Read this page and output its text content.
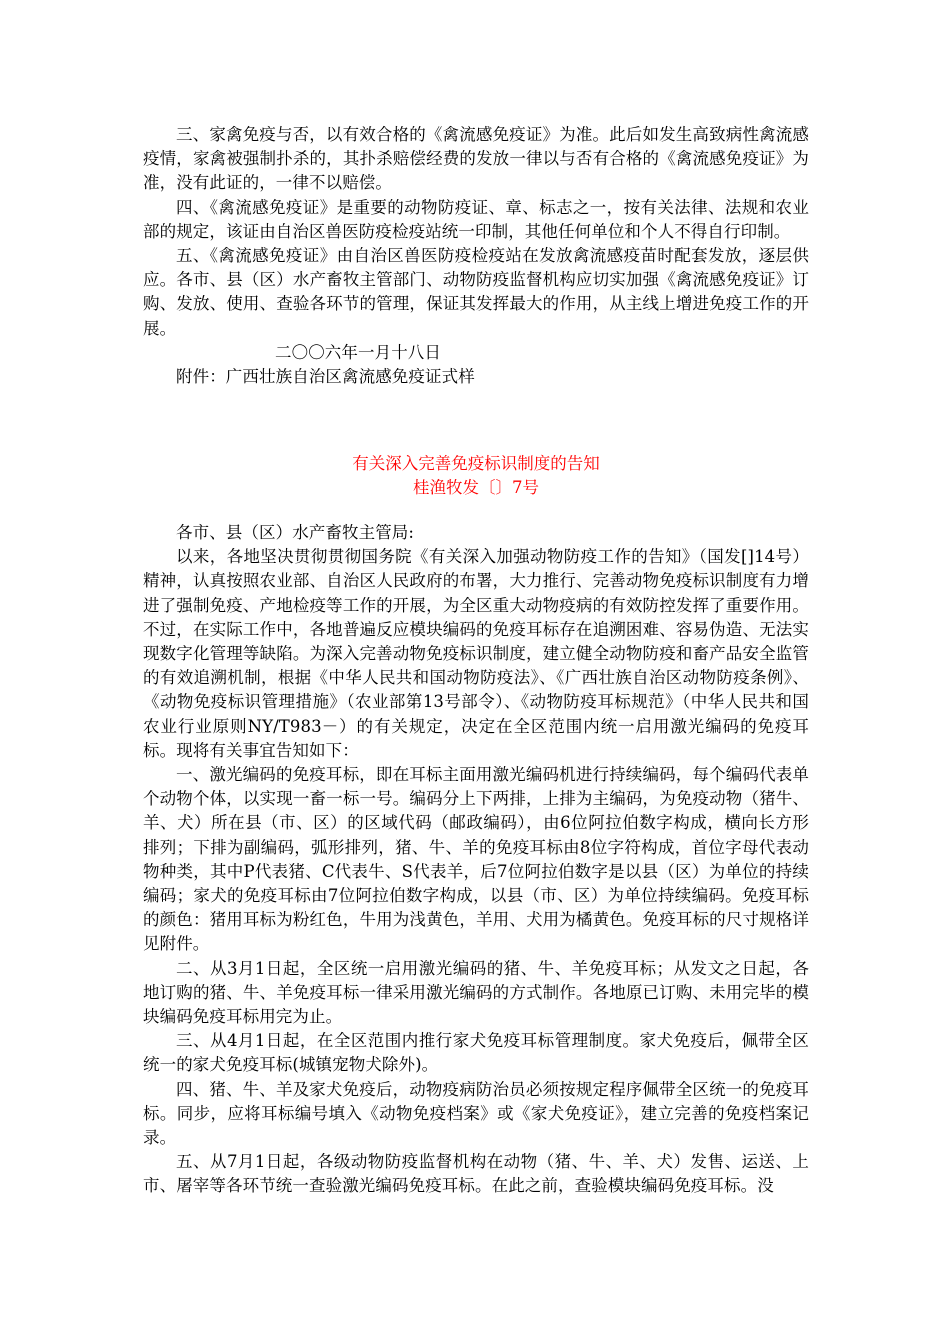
三、家禽免疫与否，以有效合格的《禽流感免疫证》为准。此后如发生高致病性禽流感疫情，家禽被强制扑杀的，其扑杀赔偿经费的发放一律以与否有合格的《禽流感免疫证》为准，没有此证的，一律不以赔偿。

四、《禽流感免疫证》是重要的动物防疫证、章、标志之一，按有关法律、法规和农业部的规定，该证由自治区兽医防疫检疫站统一印制，其他任何单位和个人不得自行印制。

五、《禽流感免疫证》由自治区兽医防疫检疫站在发放禽流感疫苗时配套发放，逐层供应。各市、县（区）水产畜牧主管部门、动物防疫监督机构应切实加强《禽流感免疫证》订购、发放、使用、查验各环节的管理，保证其发挥最大的作用，从主线上增进免疫工作的开展。

二〇〇六年一月十八日

附件：广西壮族自治区禽流感免疫证式样

有关深入完善免疫标识制度的告知

桂渔牧发〔〕7号

各市、县（区）水产畜牧主管局:

以来，各地坚决贯彻贯彻国务院《有关深入加强动物防疫工作的告知》（国发[]14号）精神，认真按照农业部、自治区人民政府的布署，大力推行、完善动物免疫标识制度有力增进了强制免疫、产地检疫等工作的开展，为全区重大动物疫病的有效防控发挥了重要作用。不过，在实际工作中，各地普遍反应模块编码的免疫耳标存在追溯困难、容易伪造、无法实现数字化管理等缺陷。为深入完善动物免疫标识制度，建立健全动物防疫和畜产品安全监管的有效追溯机制，根据《中华人民共和国动物防疫法》、《广西壮族自治区动物防疫条例》、《动物免疫标识管理措施》（农业部第13号部令）、《动物防疫耳标规范》（中华人民共和国农业行业原则NY/T983－）的有关规定，决定在全区范围内统一启用激光编码的免疫耳标。现将有关事宜告知如下：

一、激光编码的免疫耳标，即在耳标主面用激光编码机进行持续编码，每个编码代表单个动物个体，以实现一畜一标一号。编码分上下两排，上排为主编码，为免疫动物（猪牛、羊、犬）所在县（市、区）的区域代码（邮政编码），由6位阿拉伯数字构成，横向长方形排列；下排为副编码，弧形排列，猪、牛、羊的免疫耳标由8位字符构成，首位字母代表动物种类，其中P代表猪、C代表牛、S代表羊，后7位阿拉伯数字是以县（区）为单位的持续编码；家犬的免疫耳标由7位阿拉伯数字构成，以县（市、区）为单位持续编码。免疫耳标的颜色：猪用耳标为粉红色，牛用为浅黄色，羊用、犬用为橘黄色。免疫耳标的尺寸规格详见附件。

二、从3月1日起，全区统一启用激光编码的猪、牛、羊免疫耳标；从发文之日起，各地订购的猪、牛、羊免疫耳标一律采用激光编码的方式制作。各地原已订购、未用完毕的模块编码免疫耳标用完为止。

三、从4月1日起，在全区范围内推行家犬免疫耳标管理制度。家犬免疫后，佩带全区统一的家犬免疫耳标(城镇宠物犬除外)。

四、猪、牛、羊及家犬免疫后，动物疫病防治员必须按规定程序佩带全区统一的免疫耳标。同步，应将耳标编号填入《动物免疫档案》或《家犬免疫证》，建立完善的免疫档案记录。

五、从7月1日起，各级动物防疫监督机构在动物（猪、牛、羊、犬）发售、运送、上市、屠宰等各环节统一查验激光编码免疫耳标。在此之前，查验模块编码免疫耳标。没
